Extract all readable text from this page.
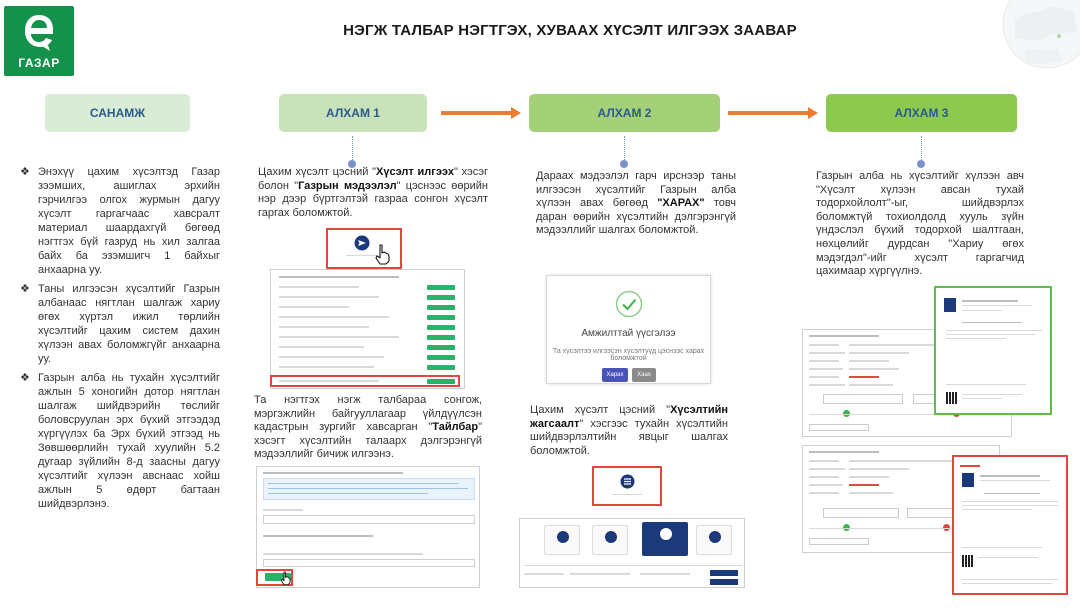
ГАЗАР
НЭГЖ ТАЛБАР НЭГТГЭХ, ХУВААХ ХҮСЭЛТ ИЛГЭЭХ ЗААВАР
САНАМЖ	АЛХАМ 1	АЛХАМ 2	АЛХАМ 3
❖ Энэхүү цахим хүсэлтэд Газар зээмших, ашиглах эрхийн гэрчилгээ олгох журмын дагуу хүсэлт гаргагчаас хавсралт материал шаардахгүй бөгөөд нэгтгэх бүй газруд нь хил залгаа байх ба эзэмшигч 1 байхыг анхаарна уу.
❖ Таны илгээсэн хүсэлтийг Газрын албанаас нягтлан шалгаж хариу өгөх хүртэл ижил төрлийн хүсэлтийг цахим систем дахин хүлээн авах боломжгүйг анхаарна уу.
❖ Газрын алба нь тухайн хүсэлтийг ажлын 5 хоногийн дотор нягтлан шалгаж шийдвэрийн төслийг боловсруулан эрх бүхий этгээдэд хүргүүлэх ба Эрх бүхий этгээд нь Зөвшөөрлийн тухай хуулийн 5.2 дугаар зүйлийн 8-д заасны дагуу хүсэлтийг хүлээн авснаас хойш ажлын 5 өдөрт багтаан шийдвэрлэнэ.
Цахим хүсэлт цэсний "Хүсэлт илгээх" хэсэг болон "Газрын мэдээлэл" цэснээс өөрийн нэр дээр бүртгэлтэй газраа сонгон хүсэлт гаргах боломжтой.
Та нэгтгэх нэгж талбараа сонгож, мэргэжлийн байгууллагаар үйлдүүлсэн кадастрын зургийг хавсарган "Тайлбар" хэсэгт хүсэлтийн талаарх дэлгэрэнгүй мэдээллийг бичиж илгээнэ.
Дараах мэдээлэл гарч ирснээр таны илгээсэн хүсэлтийг Газрын алба хүлээн авах бөгөөд "ХАРАХ" товч даран өөрийн хүсэлтийн дэлгэрэнгүй мэдээллийг шалгах боломжтой.
Амжилттай үүсгэлээ
Та хүсэлтээ илгээсэн хүсэлтүүд цэснээс харах боломжтой
Харах	Хаах
Цахим хүсэлт цэсний "Хүсэлтийн жагсаалт" хэсгээс тухайн хүсэлтийн шийдвэрлэлтийн явцыг шалгах боломжтой.
Газрын алба нь хүсэлтийг хүлээн авч "Хүсэлт хүлээн авсан тухай тодорхойлолт"-ыг, шийдвэрлэх боломжтүй тохиолдолд хууль зүйн үндэслэл бүхий тодорхой шалтгаан, нөхцөлийг дурдсан "Хариу өгөх мэдэгдэл"-ийг хүсэлт гаргагчид цахимаар хүргүүлнэ.
